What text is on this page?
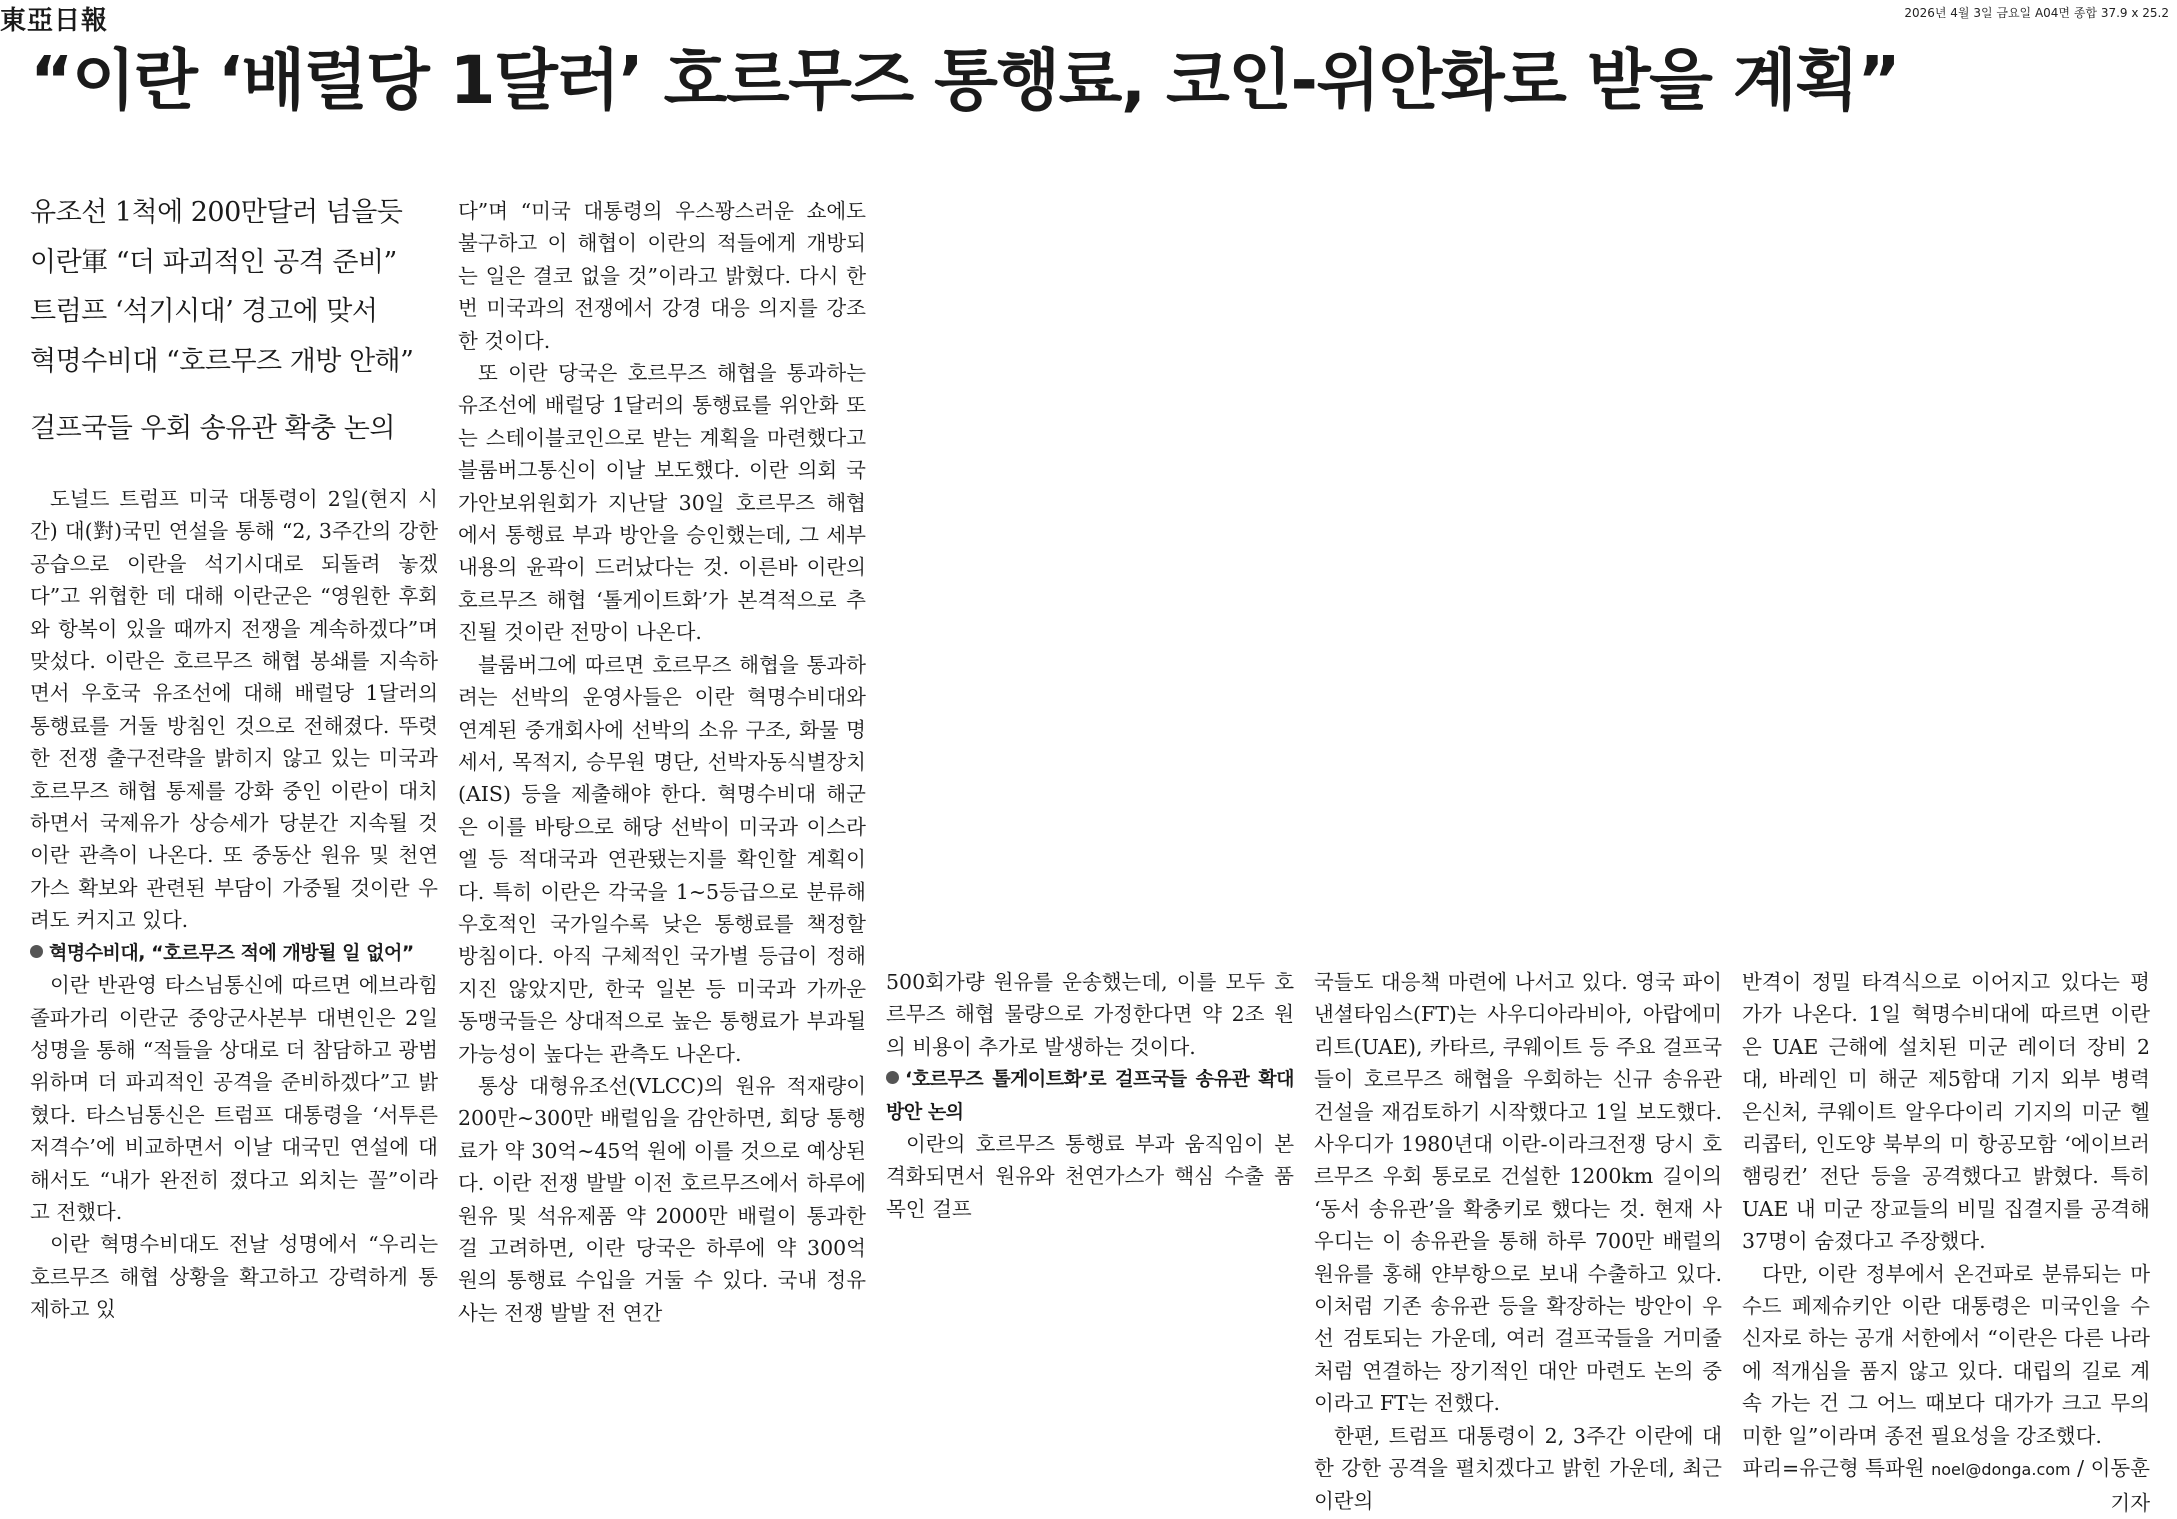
東亞日報	2026년 4월 3일 금요일 A04면 종합 37.9 x 25.2
“이란 ‘배럴당 1달러’ 호르무즈 통행료, 코인-위안화로 받을 계획”
유조선 1척에 200만달러 넘을듯
이란軍 “더 파괴적인 공격 준비”
트럼프 ‘석기시대’ 경고에 맞서
혁명수비대 “호르무즈 개방 안해”
걸프국들 우회 송유관 확충 논의

도널드 트럼프 미국 대통령이 2일(현지 시간) 대(對)국민 연설을 통해 “2, 3주간의 강한 공습으로 이란을 석기시대로 되돌려 놓겠다”고 위협한 데 대해 이란군은 “영원한 후회와 항복이 있을 때까지 전쟁을 계속하겠다”며 맞섰다. 이란은 호르무즈 해협 봉쇄를 지속하면서 우호국 유조선에 대해 배럴당 1달러의 통행료를 거둘 방침인 것으로 전해졌다. 뚜렷한 전쟁 출구전략을 밝히지 않고 있는 미국과 호르무즈 해협 통제를 강화 중인 이란이 대치하면서 국제유가 상승세가 당분간 지속될 것이란 관측이 나온다. 또 중동산 원유 및 천연가스 확보와 관련된 부담이 가중될 것이란 우려도 커지고 있다.

혁명수비대, “호르무즈 적에 개방될 일 없어”

이란 반관영 타스님통신에 따르면 에브라힘 졸파가리 이란군 중앙군사본부 대변인은 2일 성명을 통해 “적들을 상대로 더 참담하고 광범위하며 더 파괴적인 공격을 준비하겠다”고 밝혔다. 타스님통신은 트럼프 대통령을 ‘서투른 저격수’에 비교하면서 이날 대국민 연설에 대해서도 “내가 완전히 졌다고 외치는 꼴”이라고 전했다.

이란 혁명수비대도 전날 성명에서 “우리는 호르무즈 해협 상황을 확고하고 강력하게 통제하고 있

다”며 “미국 대통령의 우스꽝스러운 쇼에도 불구하고 이 해협이 이란의 적들에게 개방되는 일은 결코 없을 것”이라고 밝혔다. 다시 한번 미국과의 전쟁에서 강경 대응 의지를 강조한 것이다.

또 이란 당국은 호르무즈 해협을 통과하는 유조선에 배럴당 1달러의 통행료를 위안화 또는 스테이블코인으로 받는 계획을 마련했다고 블룸버그통신이 이날 보도했다. 이란 의회 국가안보위원회가 지난달 30일 호르무즈 해협에서 통행료 부과 방안을 승인했는데, 그 세부 내용의 윤곽이 드러났다는 것. 이른바 이란의 호르무즈 해협 ‘톨게이트화’가 본격적으로 추진될 것이란 전망이 나온다.

블룸버그에 따르면 호르무즈 해협을 통과하려는 선박의 운영사들은 이란 혁명수비대와 연계된 중개회사에 선박의 소유 구조, 화물 명세서, 목적지, 승무원 명단, 선박자동식별장치(AIS) 등을 제출해야 한다. 혁명수비대 해군은 이를 바탕으로 해당 선박이 미국과 이스라엘 등 적대국과 연관됐는지를 확인할 계획이다. 특히 이란은 각국을 1∼5등급으로 분류해 우호적인 국가일수록 낮은 통행료를 책정할 방침이다. 아직 구체적인 국가별 등급이 정해지진 않았지만, 한국 일본 등 미국과 가까운 동맹국들은 상대적으로 높은 통행료가 부과될 가능성이 높다는 관측도 나온다.

통상 대형유조선(VLCC)의 원유 적재량이 200만∼300만 배럴임을 감안하면, 회당 통행료가 약 30억∼45억 원에 이를 것으로 예상된다. 이란 전쟁 발발 이전 호르무즈에서 하루에 원유 및 석유제품 약 2000만 배럴이 통과한 걸 고려하면, 이란 당국은 하루에 약 300억 원의 통행료 수입을 거둘 수 있다. 국내 정유사는 전쟁 발발 전 연간

500회가량 원유를 운송했는데, 이를 모두 호르무즈 해협 물량으로 가정한다면 약 2조 원의 비용이 추가로 발생하는 것이다.

‘호르무즈 톨게이트화’로 걸프국들 송유관 확대 방안 논의

이란의 호르무즈 통행료 부과 움직임이 본격화되면서 원유와 천연가스가 핵심 수출 품목인 걸프

국들도 대응책 마련에 나서고 있다. 영국 파이낸셜타임스(FT)는 사우디아라비아, 아랍에미리트(UAE), 카타르, 쿠웨이트 등 주요 걸프국들이 호르무즈 해협을 우회하는 신규 송유관 건설을 재검토하기 시작했다고 1일 보도했다. 사우디가 1980년대 이란-이라크전쟁 당시 호르무즈 우회 통로로 건설한 1200km 길이의 ‘동서 송유관’을 확충키로 했다는 것. 현재 사우디는 이 송유관을 통해 하루 700만 배럴의 원유를 홍해 얀부항으로 보내 수출하고 있다. 이처럼 기존 송유관 등을 확장하는 방안이 우선 검토되는 가운데, 여러 걸프국들을 거미줄처럼 연결하는 장기적인 대안 마련도 논의 중이라고 FT는 전했다.

한편, 트럼프 대통령이 2, 3주간 이란에 대한 강한 공격을 펼치겠다고 밝힌 가운데, 최근 이란의

반격이 정밀 타격식으로 이어지고 있다는 평가가 나온다. 1일 혁명수비대에 따르면 이란은 UAE 근해에 설치된 미군 레이더 장비 2대, 바레인 미 해군 제5함대 기지 외부 병력 은신처, 쿠웨이트 알우다이리 기지의 미군 헬리콥터, 인도양 북부의 미 항공모함 ‘에이브러햄링컨’ 전단 등을 공격했다고 밝혔다. 특히 UAE 내 미군 장교들의 비밀 집결지를 공격해 37명이 숨졌다고 주장했다.

다만, 이란 정부에서 온건파로 분류되는 마수드 페제슈키안 이란 대통령은 미국인을 수신자로 하는 공개 서한에서 “이란은 다른 나라에 적개심을 품지 않고 있다. 대립의 길로 계속 가는 건 그 어느 때보다 대가가 크고 무의미한 일”이라며 종전 필요성을 강조했다.

파리=유근형 특파원 noel@donga.com / 이동훈 기자
